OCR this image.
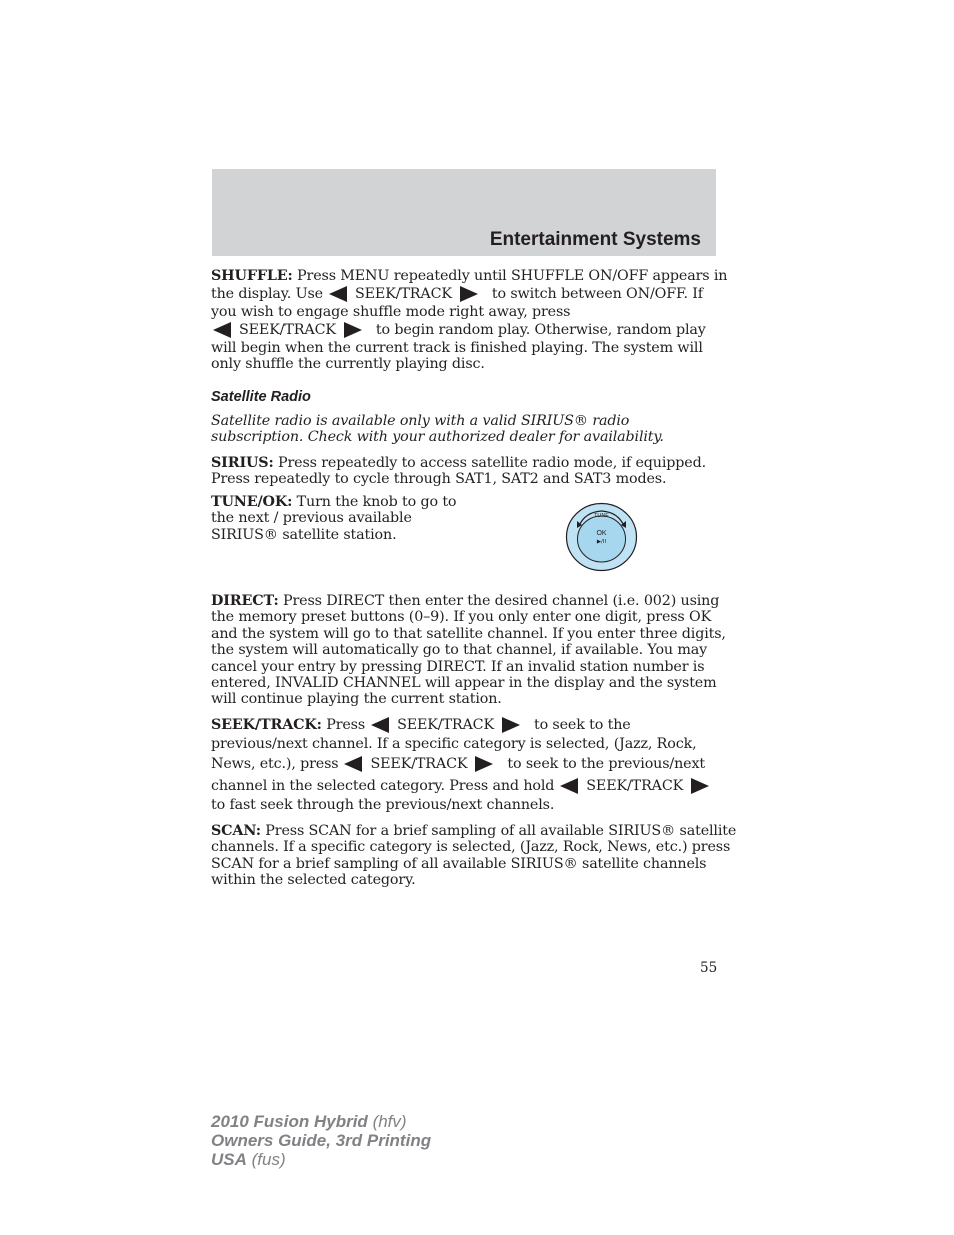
Entertainment Systems
SHUFFLE: Press MENU repeatedly until SHUFFLE ON/OFF appears in
the display. Use SEEK/TRACK	to switch between ON/OFF. If
you wish to engage shuffle mode right away, press
SEEK/TRACK	to begin random play. Otherwise, random play
will begin when the current track is finished playing. The system will
only shuffle the currently playing disc.
Satellite Radio
Satellite radio is available only with a valid SIRIUS® radio
subscription. Check with your authorized dealer for availability.
SIRIUS: Press repeatedly to access satellite radio mode, if equipped.
Press repeatedly to cycle through SAT1, SAT2 and SAT3 modes.
TUNE/OK: Turn the knob to go to
the next / previous available
SIRIUS® satellite station.
TUNE
OK
▶/II
DIRECT: Press DIRECT then enter the desired channel (i.e. 002) using
the memory preset buttons (0–9). If you only enter one digit, press OK
and the system will go to that satellite channel. If you enter three digits,
the system will automatically go to that channel, if available. You may
cancel your entry by pressing DIRECT. If an invalid station number is
entered, INVALID CHANNEL will appear in the display and the system
will continue playing the current station.
SEEK/TRACK:
Press SEEK/TRACK	to seek to the
previous/next channel. If a specific category is selected, (Jazz, Rock,
News, etc.), press SEEK/TRACK	to seek to the previous/next
channel in the selected category. Press and hold SEEK/TRACK
to fast seek through the previous/next channels.
SCAN: Press SCAN for a brief sampling of all available SIRIUS® satellite
channels. If a specific category is selected, (Jazz, Rock, News, etc.) press
SCAN for a brief sampling of all available SIRIUS® satellite channels
within the selected category.
55
2010 Fusion Hybrid (hfv)
Owners Guide, 3rd Printing
USA (fus)
